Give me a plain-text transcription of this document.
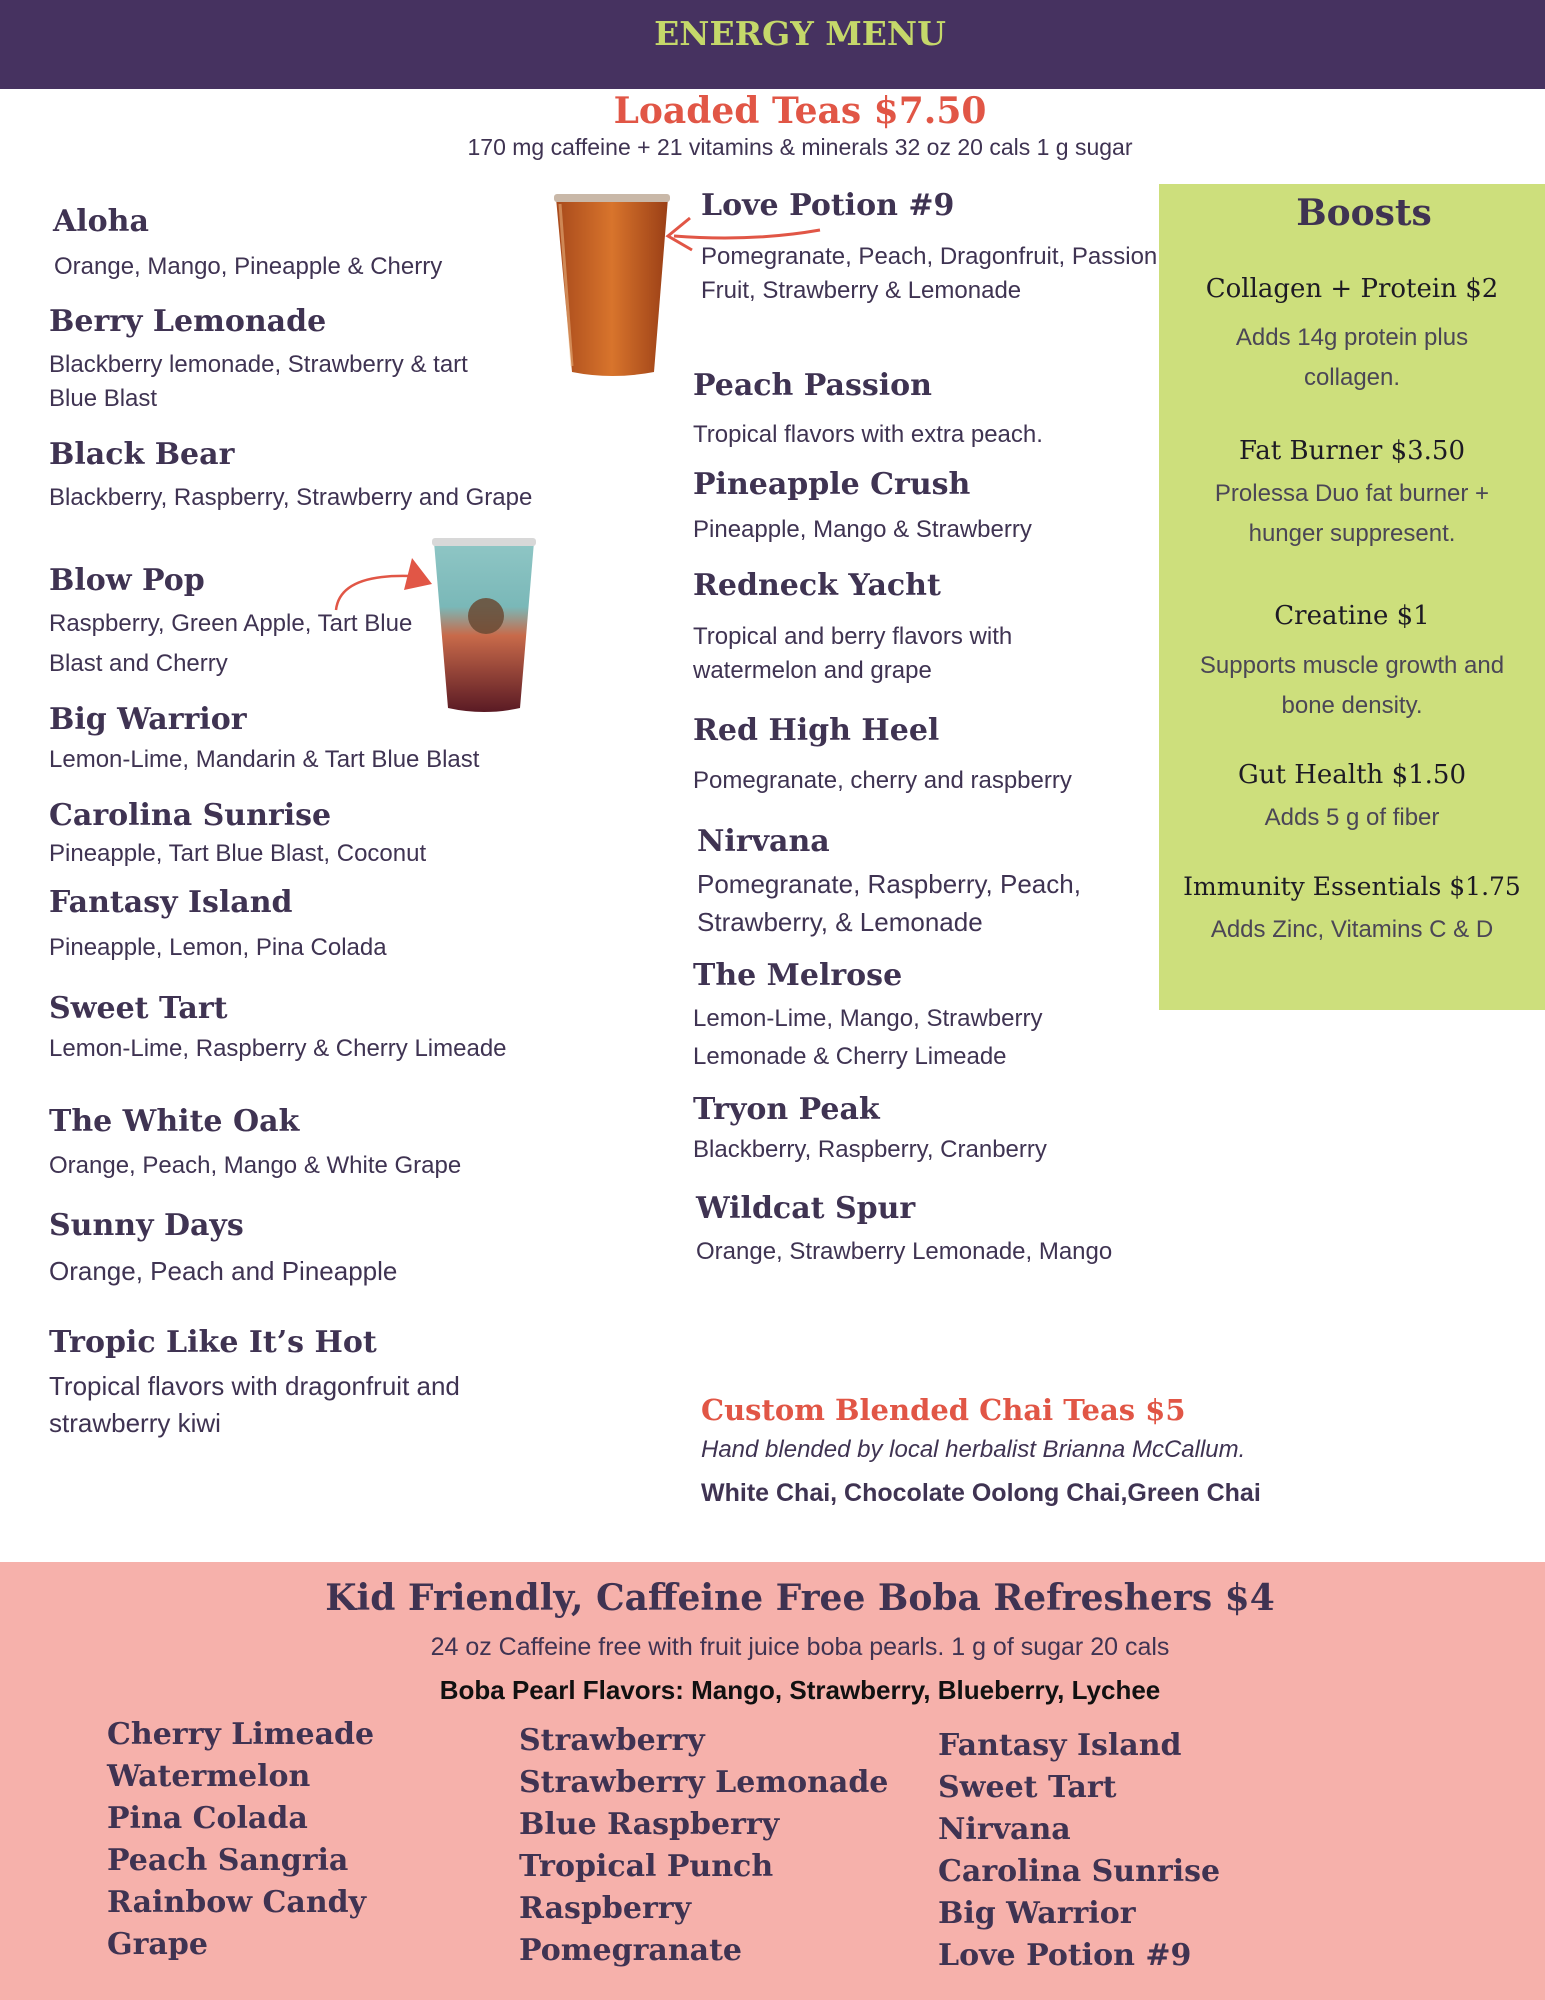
ENERGY MENU
Loaded Teas $7.50
170 mg caffeine + 21 vitamins & minerals 32 oz 20 cals 1 g sugar
Aloha
Orange, Mango, Pineapple & Cherry
Berry Lemonade
Blackberry lemonade, Strawberry & tart Blue Blast
Black Bear
Blackberry, Raspberry, Strawberry and Grape
Blow Pop
Raspberry, Green Apple, Tart Blue Blast and Cherry
Big Warrior
Lemon-Lime, Mandarin & Tart Blue Blast
Carolina Sunrise
Pineapple, Tart Blue Blast, Coconut
Fantasy Island
Pineapple, Lemon, Pina Colada
Sweet Tart
Lemon-Lime, Raspberry & Cherry Limeade
The White Oak
Orange, Peach, Mango & White Grape
Sunny Days
Orange, Peach and Pineapple
Tropic Like It’s Hot
Tropical flavors with dragonfruit and strawberry kiwi
Love Potion #9
Pomegranate, Peach, Dragonfruit, Passion Fruit, Strawberry & Lemonade
Peach Passion
Tropical flavors with extra peach.
Pineapple Crush
Pineapple, Mango & Strawberry
Redneck Yacht
Tropical and berry flavors with watermelon and grape
Red High Heel
Pomegranate, cherry and raspberry
Nirvana
Pomegranate, Raspberry, Peach, Strawberry, & Lemonade
The Melrose
Lemon-Lime, Mango, Strawberry Lemonade & Cherry Limeade
Tryon Peak
Blackberry, Raspberry, Cranberry
Wildcat Spur
Orange, Strawberry Lemonade, Mango
Boosts
Collagen + Protein $2
Adds 14g protein plus collagen.
Fat Burner $3.50
Prolessa Duo fat burner + hunger suppresent.
Creatine $1
Supports muscle growth and bone density.
Gut Health $1.50
Adds 5 g of fiber
Immunity Essentials $1.75
Adds Zinc, Vitamins C & D
Custom Blended Chai Teas $5
Hand blended by local herbalist Brianna McCallum.
White Chai, Chocolate Oolong Chai,Green Chai
Kid Friendly, Caffeine Free Boba Refreshers $4
24 oz Caffeine free with fruit juice boba pearls. 1 g of sugar 20 cals
Boba Pearl Flavors: Mango, Strawberry, Blueberry, Lychee
Cherry Limeade
Watermelon
Pina Colada
Peach Sangria
Rainbow Candy
Grape
Strawberry
Strawberry Lemonade
Blue Raspberry
Tropical Punch
Raspberry
Pomegranate
Fantasy Island
Sweet Tart
Nirvana
Carolina Sunrise
Big Warrior
Love Potion #9
